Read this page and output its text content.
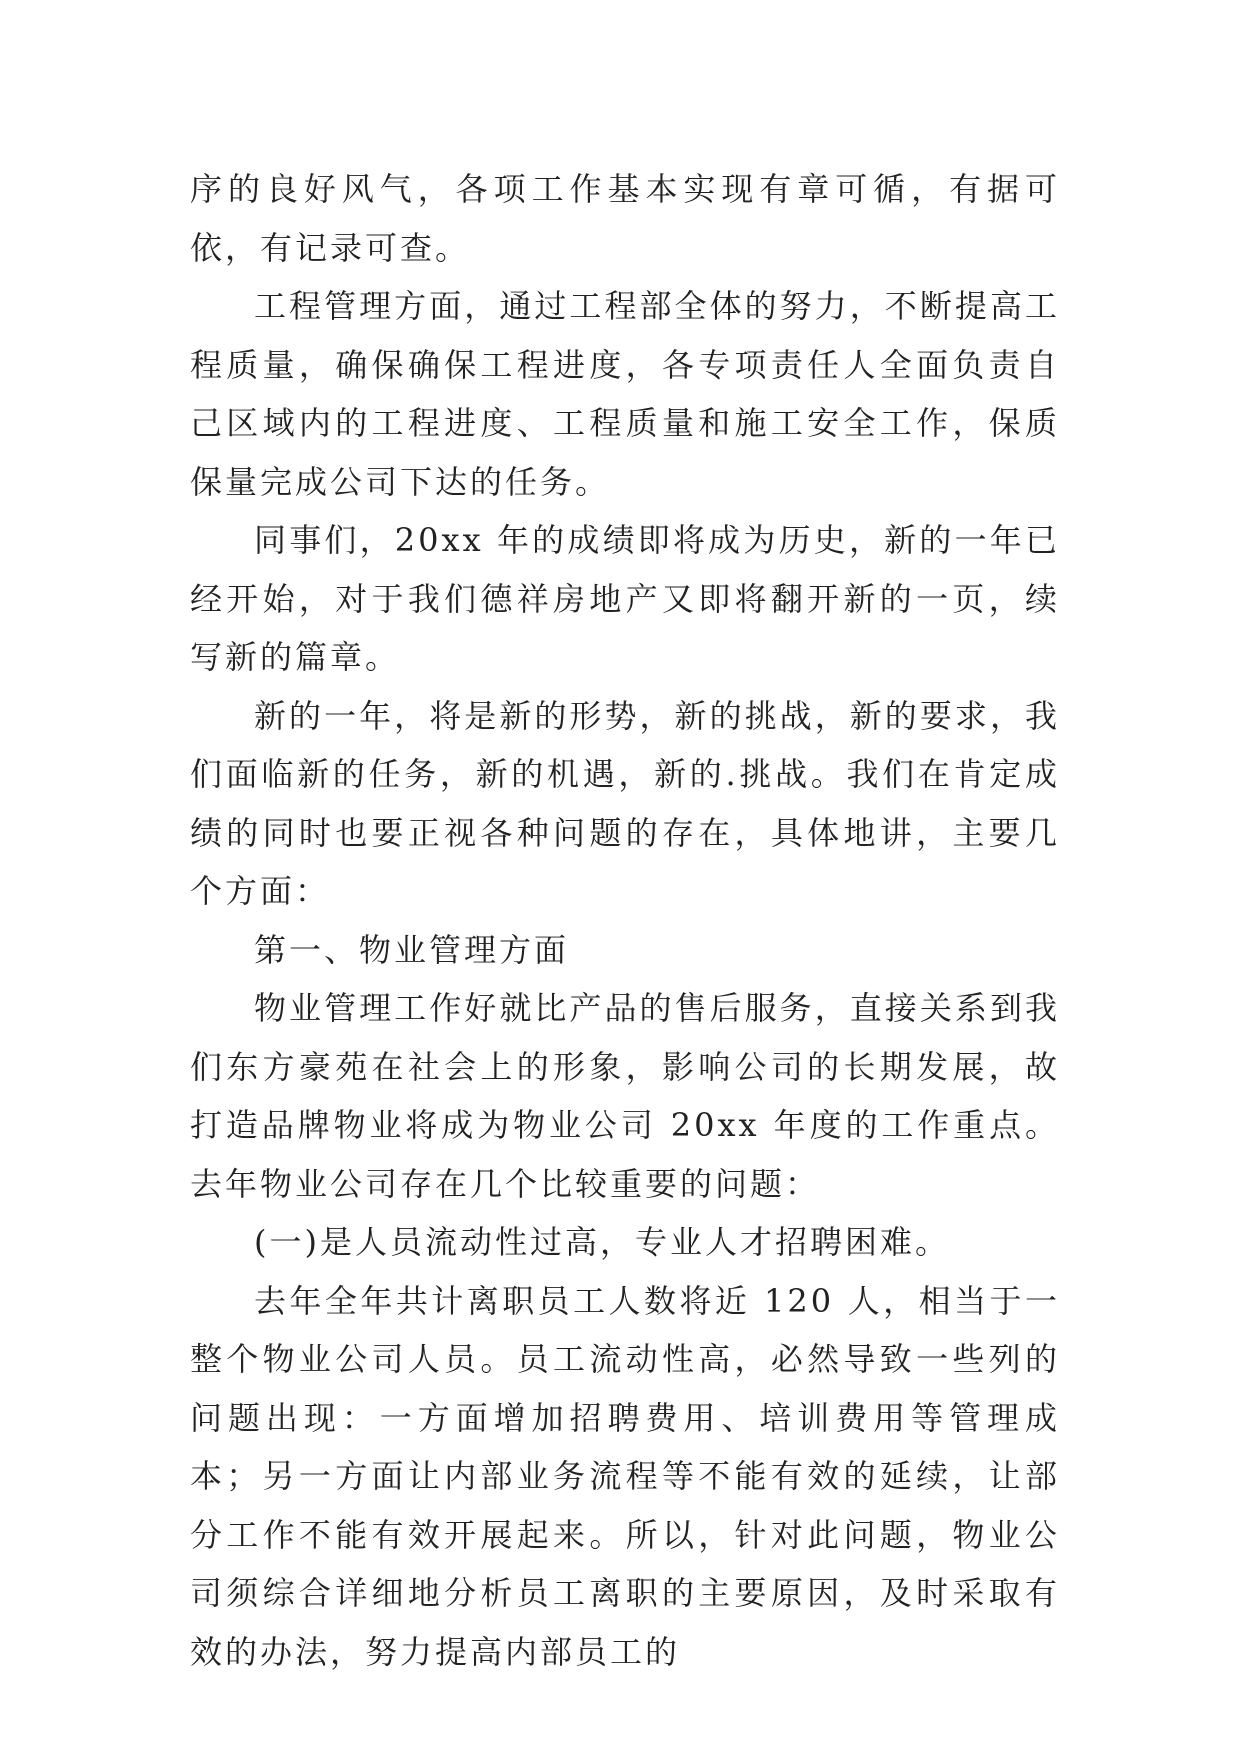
序的良好风气，各项工作基本实现有章可循，有据可依，有记录可查。

工程管理方面，通过工程部全体的努力，不断提高工程质量，确保确保工程进度，各专项责任人全面负责自己区域内的工程进度、工程质量和施工安全工作，保质保量完成公司下达的任务。

同事们，20xx 年的成绩即将成为历史，新的一年已经开始，对于我们德祥房地产又即将翻开新的一页，续写新的篇章。

新的一年，将是新的形势，新的挑战，新的要求，我们面临新的任务，新的机遇，新的.挑战。我们在肯定成绩的同时也要正视各种问题的存在，具体地讲，主要几个方面：

第一、物业管理方面

物业管理工作好就比产品的售后服务，直接关系到我们东方豪苑在社会上的形象，影响公司的长期发展，故打造品牌物业将成为物业公司 20xx 年度的工作重点。去年物业公司存在几个比较重要的问题：

(一)是人员流动性过高，专业人才招聘困难。

去年全年共计离职员工人数将近 120 人，相当于一整个物业公司人员。员工流动性高，必然导致一些列的问题出现：一方面增加招聘费用、培训费用等管理成本；另一方面让内部业务流程等不能有效的延续，让部分工作不能有效开展起来。所以，针对此问题，物业公司须综合详细地分析员工离职的主要原因，及时采取有效的办法，努力提高内部员工的
